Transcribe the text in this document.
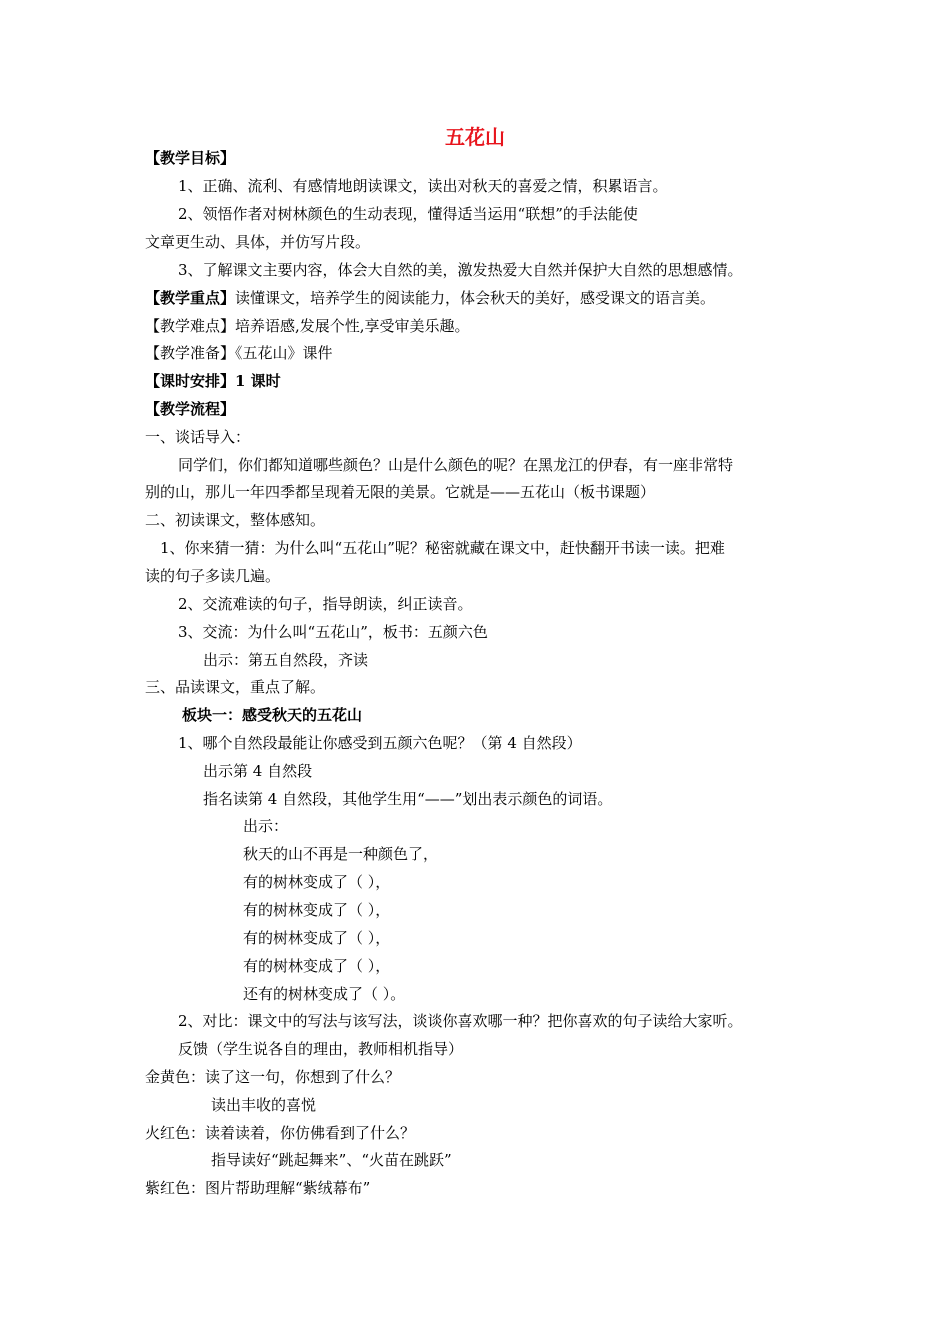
五花山
【教学目标】
1、正确、流利、有感情地朗读课文，读出对秋天的喜爱之情，积累语言。
2、领悟作者对树林颜色的生动表现，懂得适当运用“联想”的手法能使
文章更生动、具体，并仿写片段。
3、了解课文主要内容，体会大自然的美，激发热爱大自然并保护大自然的思想感情。
【教学重点】读懂课文，培养学生的阅读能力，体会秋天的美好，感受课文的语言美。
【教学难点】培养语感,发展个性,享受审美乐趣。
【教学准备】《五花山》课件
【课时安排】1 课时
【教学流程】
一、谈话导入：
同学们，你们都知道哪些颜色？山是什么颜色的呢？在黑龙江的伊春，有一座非常特
别的山，那儿一年四季都呈现着无限的美景。它就是——五花山（板书课题）
二、初读课文，整体感知。
1、你来猜一猜：为什么叫“五花山”呢？秘密就藏在课文中，赶快翻开书读一读。把难
读的句子多读几遍。
2、交流难读的句子，指导朗读，纠正读音。
3、交流：为什么叫“五花山”，板书：五颜六色
出示：第五自然段，齐读
三、品读课文，重点了解。
板块一：感受秋天的五花山
1、哪个自然段最能让你感受到五颜六色呢？（第 4 自然段）
出示第 4 自然段
指名读第 4 自然段，其他学生用“——”划出表示颜色的词语。
出示：
秋天的山不再是一种颜色了，
有的树林变成了（ ），
有的树林变成了（ ），
有的树林变成了（ ），
有的树林变成了（ ），
还有的树林变成了（ ）。
2、对比：课文中的写法与该写法，谈谈你喜欢哪一种？把你喜欢的句子读给大家听。
反馈（学生说各自的理由，教师相机指导）
金黄色：读了这一句，你想到了什么？
读出丰收的喜悦
火红色：读着读着，你仿佛看到了什么？
指导读好“跳起舞来”、“火苗在跳跃”
紫红色：图片帮助理解“紫绒幕布”
